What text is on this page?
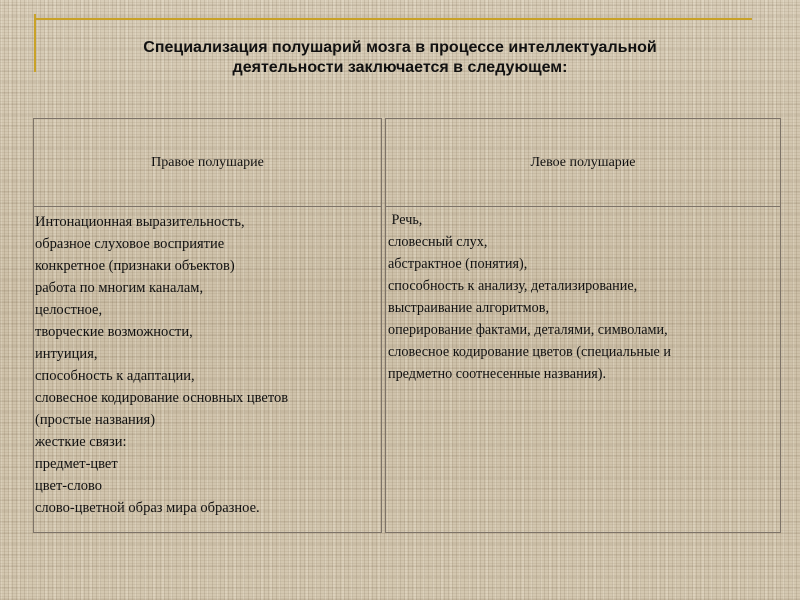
Специализация полушарий мозга в процессе интеллектуальной
деятельности заключается в следующем:
Правое полушарие
Интонационная выразительность,
образное слуховое восприятие
конкретное (признаки объектов)
работа по многим каналам,
целостное,
творческие возможности,
интуиция,
способность к адаптации,
словесное кодирование основных цветов
(простые названия)
жесткие связи:
предмет-цвет
цвет-слово
слово-цветной образ мира образное.
Левое полушарие
Речь,
словесный слух,
абстрактное (понятия),
способность к анализу, детализирование,
выстраивание алгоритмов,
оперирование фактами, деталями, символами,
словесное кодирование цветов (специальные и
предметно соотнесенные названия).
